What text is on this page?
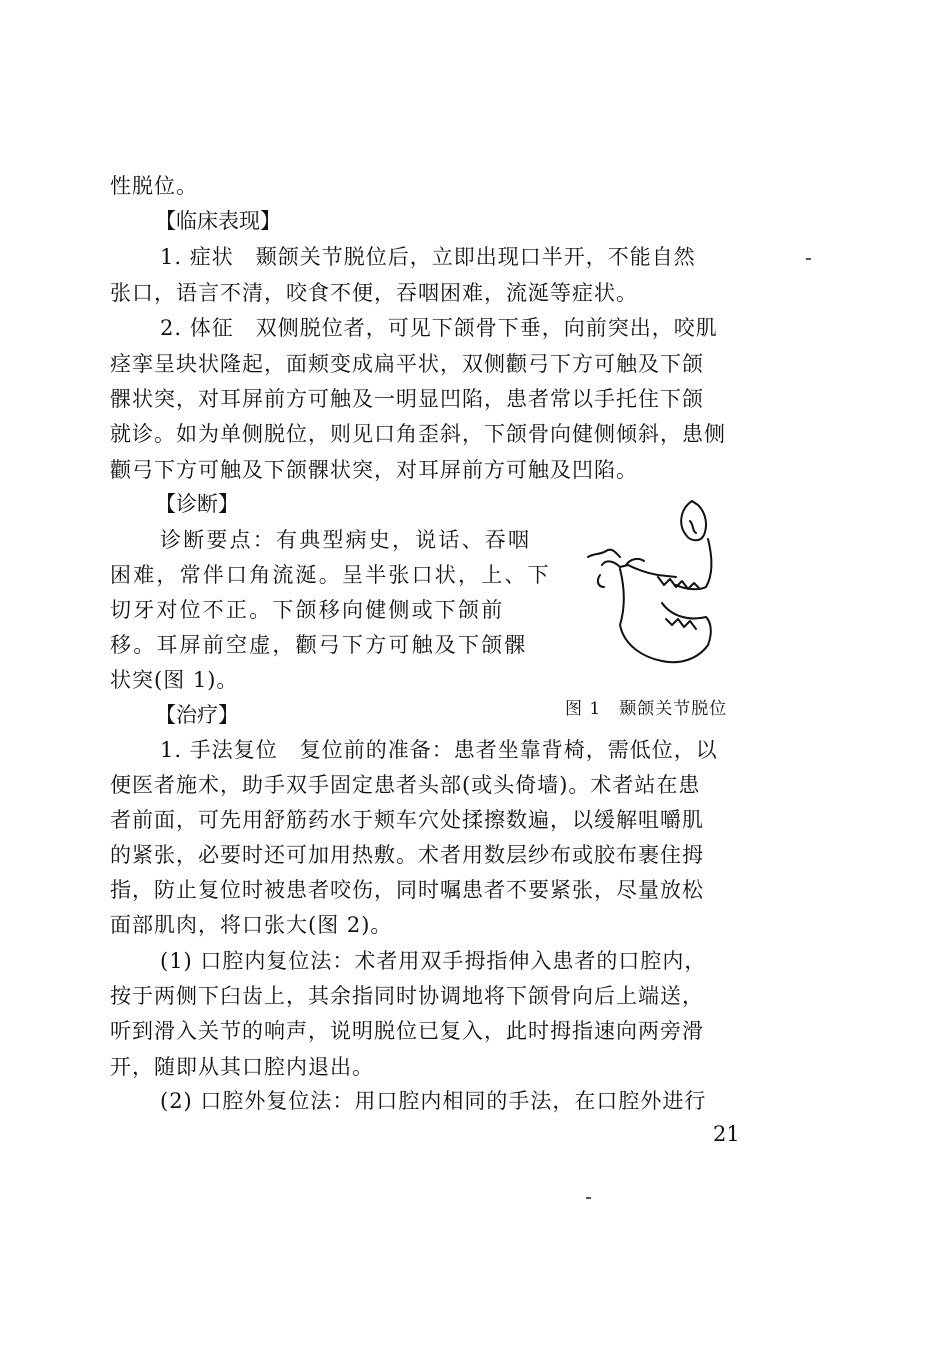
性脱位。
【临床表现】
1. 症状　颞颌关节脱位后，立即出现口半开，不能自然
张口，语言不清，咬食不便，吞咽困难，流涎等症状。
2. 体征　双侧脱位者，可见下颌骨下垂，向前突出，咬肌
痉挛呈块状隆起，面颊变成扁平状，双侧颧弓下方可触及下颌
髁状突，对耳屏前方可触及一明显凹陷，患者常以手托住下颌
就诊。如为单侧脱位，则见口角歪斜，下颌骨向健侧倾斜，患侧
颧弓下方可触及下颌髁状突，对耳屏前方可触及凹陷。
【诊断】
诊断要点：有典型病史，说话、吞咽
困难，常伴口角流涎。呈半张口状，上、下
切牙对位不正。下颌移向健侧或下颌前
移。耳屏前空虚，颧弓下方可触及下颌髁
状突(图 1)。
图 1　颞颌关节脱位
【治疗】
1. 手法复位　复位前的准备：患者坐靠背椅，需低位，以
便医者施术，助手双手固定患者头部(或头倚墙)。术者站在患
者前面，可先用舒筋药水于颊车穴处揉擦数遍，以缓解咀嚼肌
的紧张，必要时还可加用热敷。术者用数层纱布或胶布裹住拇
指，防止复位时被患者咬伤，同时嘱患者不要紧张，尽量放松
面部肌肉，将口张大(图 2)。
(1) 口腔内复位法：术者用双手拇指伸入患者的口腔内，
按于两侧下臼齿上，其余指同时协调地将下颌骨向后上端送，
听到滑入关节的响声，说明脱位已复入，此时拇指速向两旁滑
开，随即从其口腔内退出。
(2) 口腔外复位法：用口腔内相同的手法，在口腔外进行
21
